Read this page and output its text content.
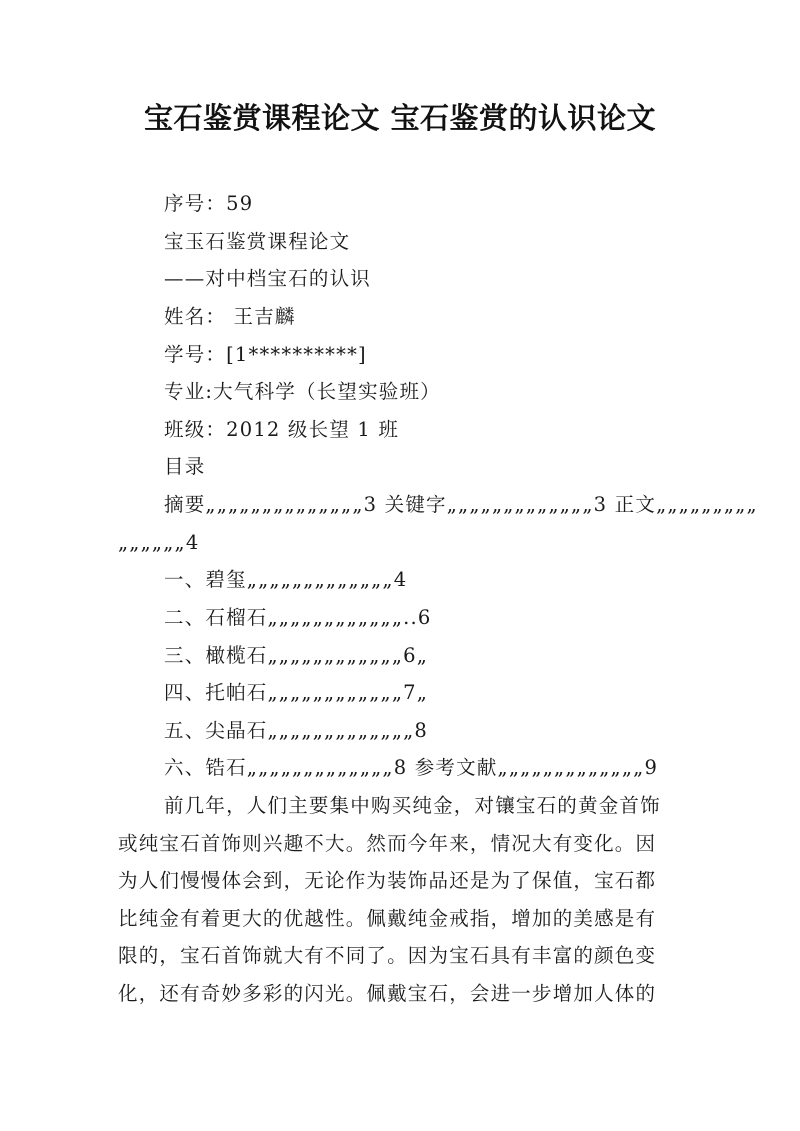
宝石鉴赏课程论文 宝石鉴赏的认识论文
序号：59
宝玉石鉴赏课程论文
——对中档宝石的认识
姓名： 王吉麟
学号：[1**********]
专业:大气科学（长望实验班）
班级：2012 级长望 1 班
目录
摘要„„„„„„„„„„„„„„3 关键字„„„„„„„„„„„„„3 正文„„„„„„„„„
„„„„„„4
一、碧玺„„„„„„„„„„„„„4
二、石榴石„„„„„„„„„„„„..6
三、橄榄石„„„„„„„„„„„„6„
四、托帕石„„„„„„„„„„„„7„
五、尖晶石„„„„„„„„„„„„„8
六、锆石„„„„„„„„„„„„„8 参考文献„„„„„„„„„„„„„9
前几年，人们主要集中购买纯金，对镶宝石的黄金首饰
或纯宝石首饰则兴趣不大。然而今年来，情况大有变化。因
为人们慢慢体会到，无论作为装饰品还是为了保值，宝石都
比纯金有着更大的优越性。佩戴纯金戒指，增加的美感是有
限的，宝石首饰就大有不同了。因为宝石具有丰富的颜色变
化，还有奇妙多彩的闪光。佩戴宝石，会进一步增加人体的
